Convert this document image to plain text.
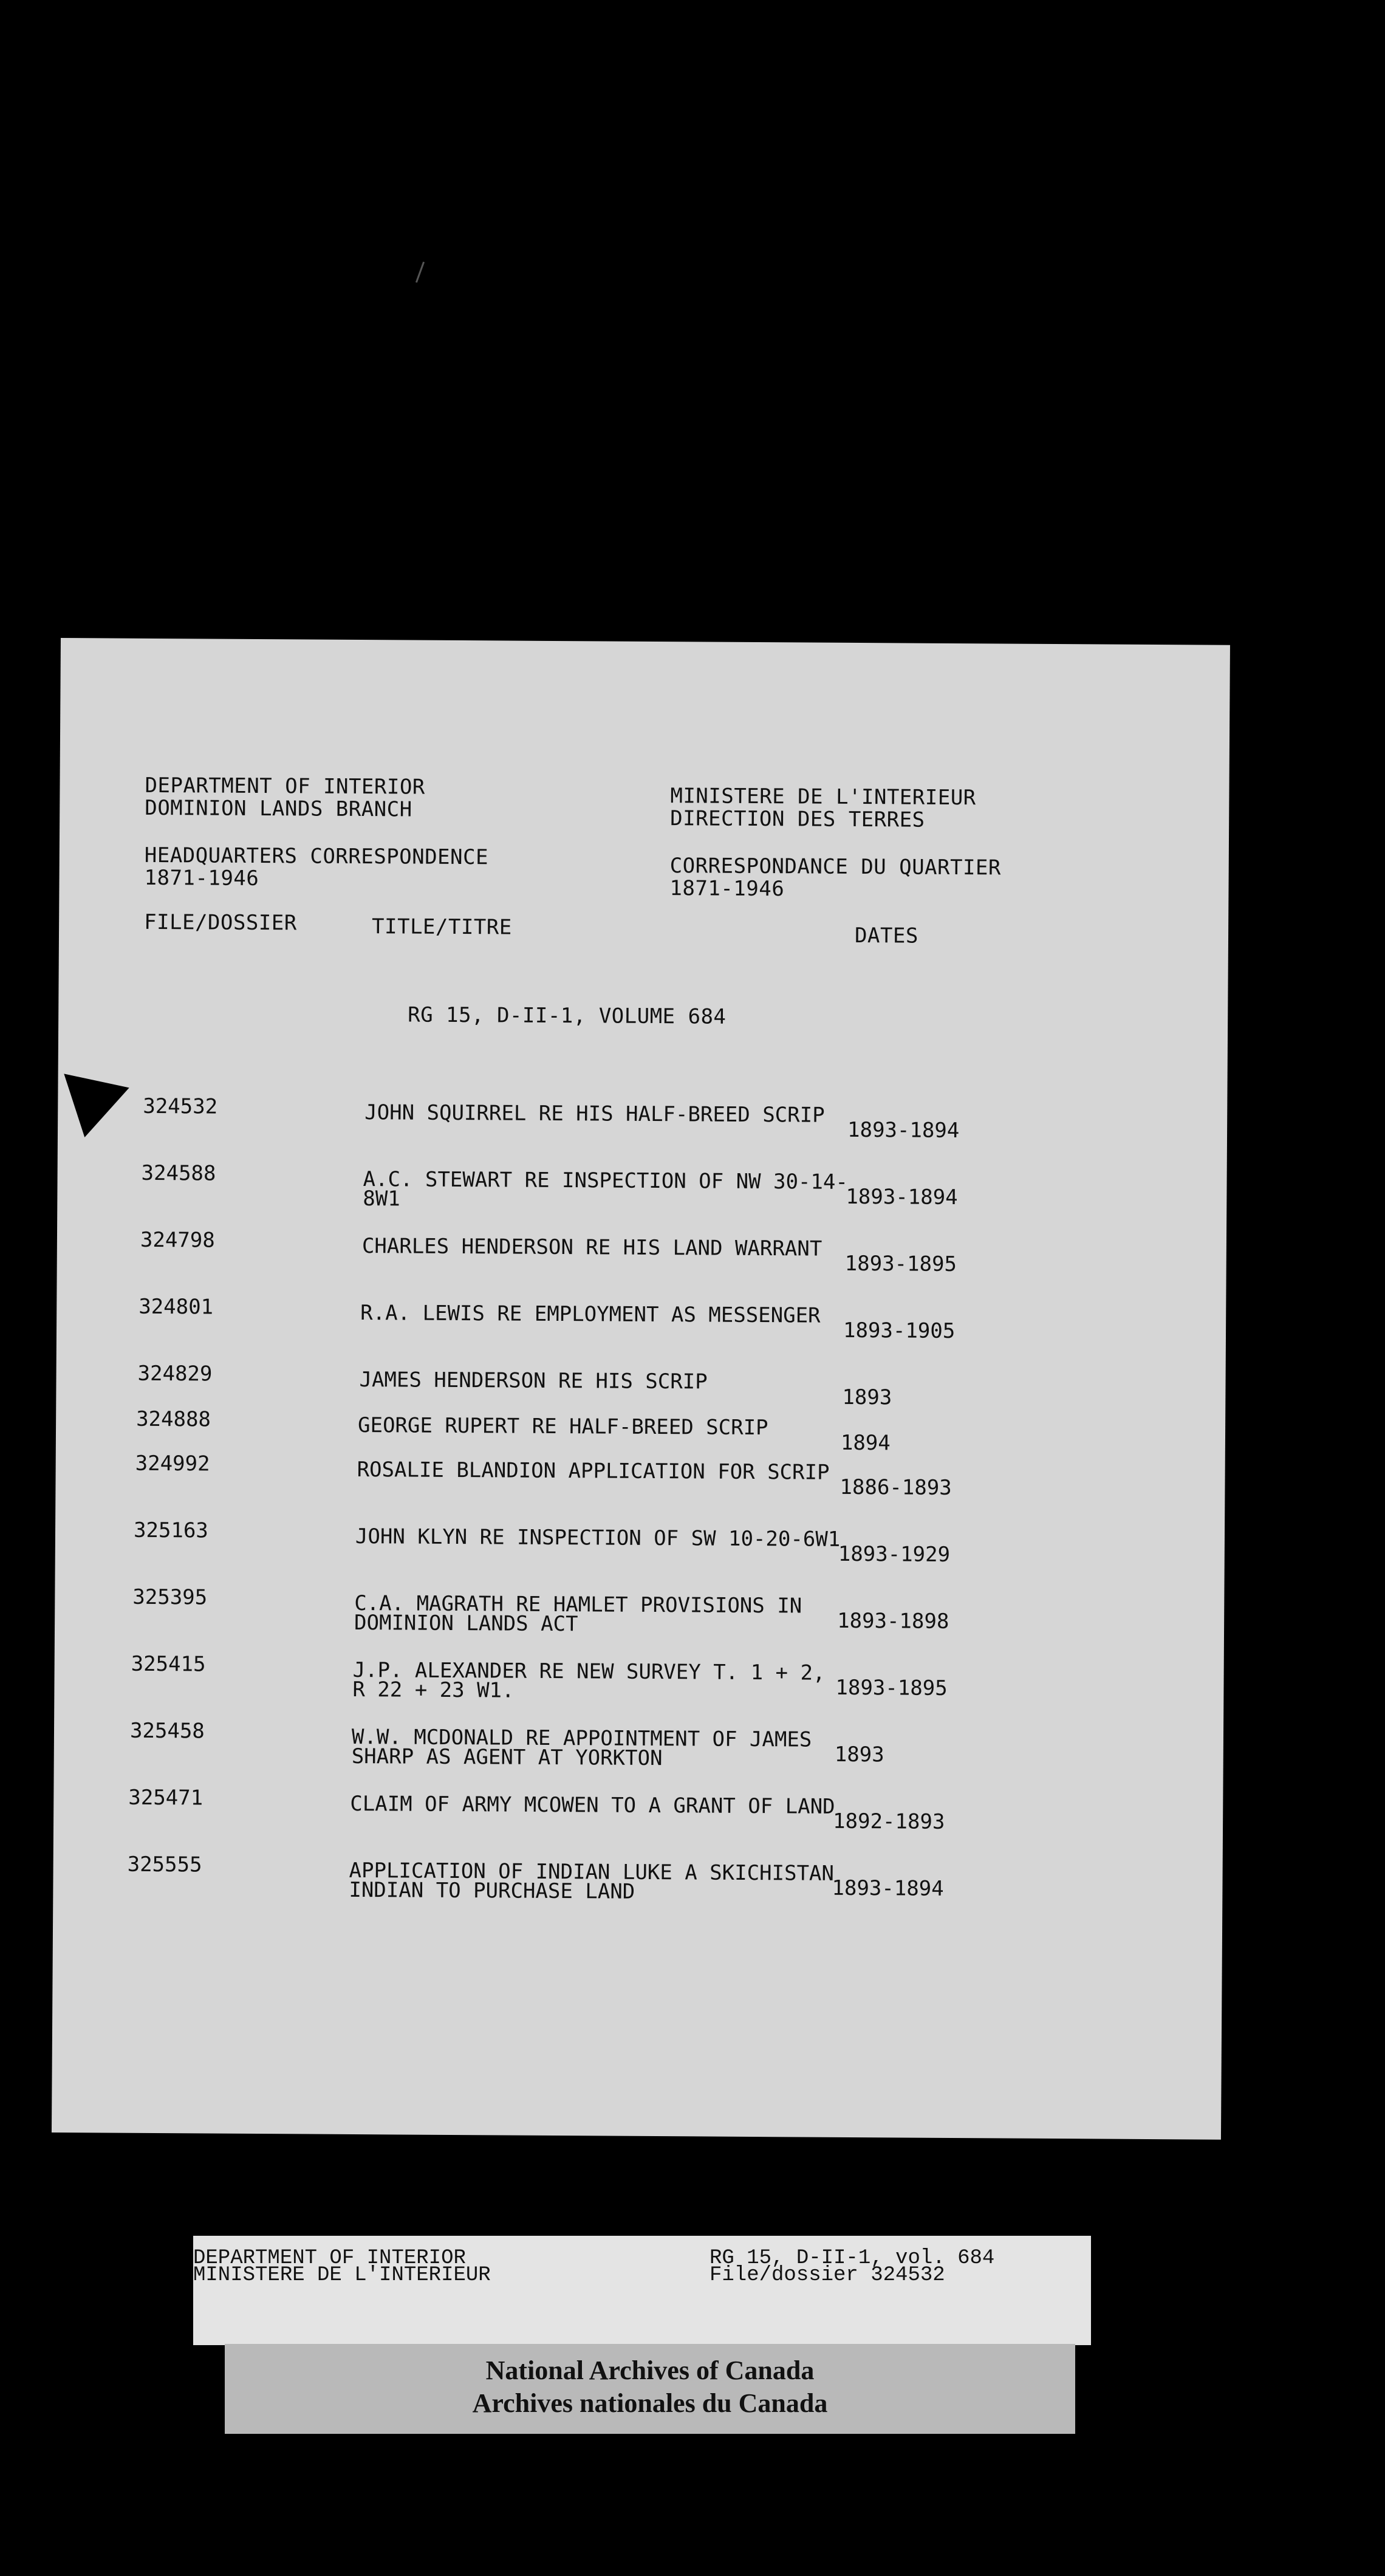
DEPARTMENT OF INTERIOR
DOMINION LANDS BRANCH
HEADQUARTERS CORRESPONDENCE
1871-1946
MINISTERE DE L'INTERIEUR
DIRECTION DES TERRES
CORRESPONDANCE DU QUARTIER
1871-1946
FILE/DOSSIER	TITLE/TITRE	DATES
RG 15, D-II-1, VOLUME 684
324532	JOHN SQUIRREL RE HIS HALF-BREED SCRIP
1893-1894
324588	A.C. STEWART RE INSPECTION OF NW 30-14-8W1	1893-1894
324798	CHARLES HENDERSON RE HIS LAND WARRANT
1893-1895
324801	R.A. LEWIS RE EMPLOYMENT AS MESSENGER
1893-1905
324829	JAMES HENDERSON RE HIS SCRIP
1893
324888	GEORGE RUPERT RE HALF-BREED SCRIP
1894
324992	ROSALIE BLANDION APPLICATION FOR SCRIP
1886-1893
325163	JOHN KLYN RE INSPECTION OF SW 10-20-6W1
1893-1929
325395	C.A. MAGRATH RE HAMLET PROVISIONS IN DOMINION LANDS ACT	1893-1898
325415	J.P. ALEXANDER RE NEW SURVEY T. 1 + 2, R 22 + 23 W1.	1893-1895
325458	W.W. MCDONALD RE APPOINTMENT OF JAMES SHARP AS AGENT AT YORKTON	1893
325471	CLAIM OF ARMY MCOWEN TO A GRANT OF LAND
1892-1893
325555	APPLICATION OF INDIAN LUKE A SKICHISTAN INDIAN TO PURCHASE LAND	1893-1894
DEPARTMENT OF INTERIOR
MINISTERE DE L'INTERIEUR
RG 15, D-II-1, vol. 684
File/dossier 324532
National Archives of Canada
Archives nationales du Canada
